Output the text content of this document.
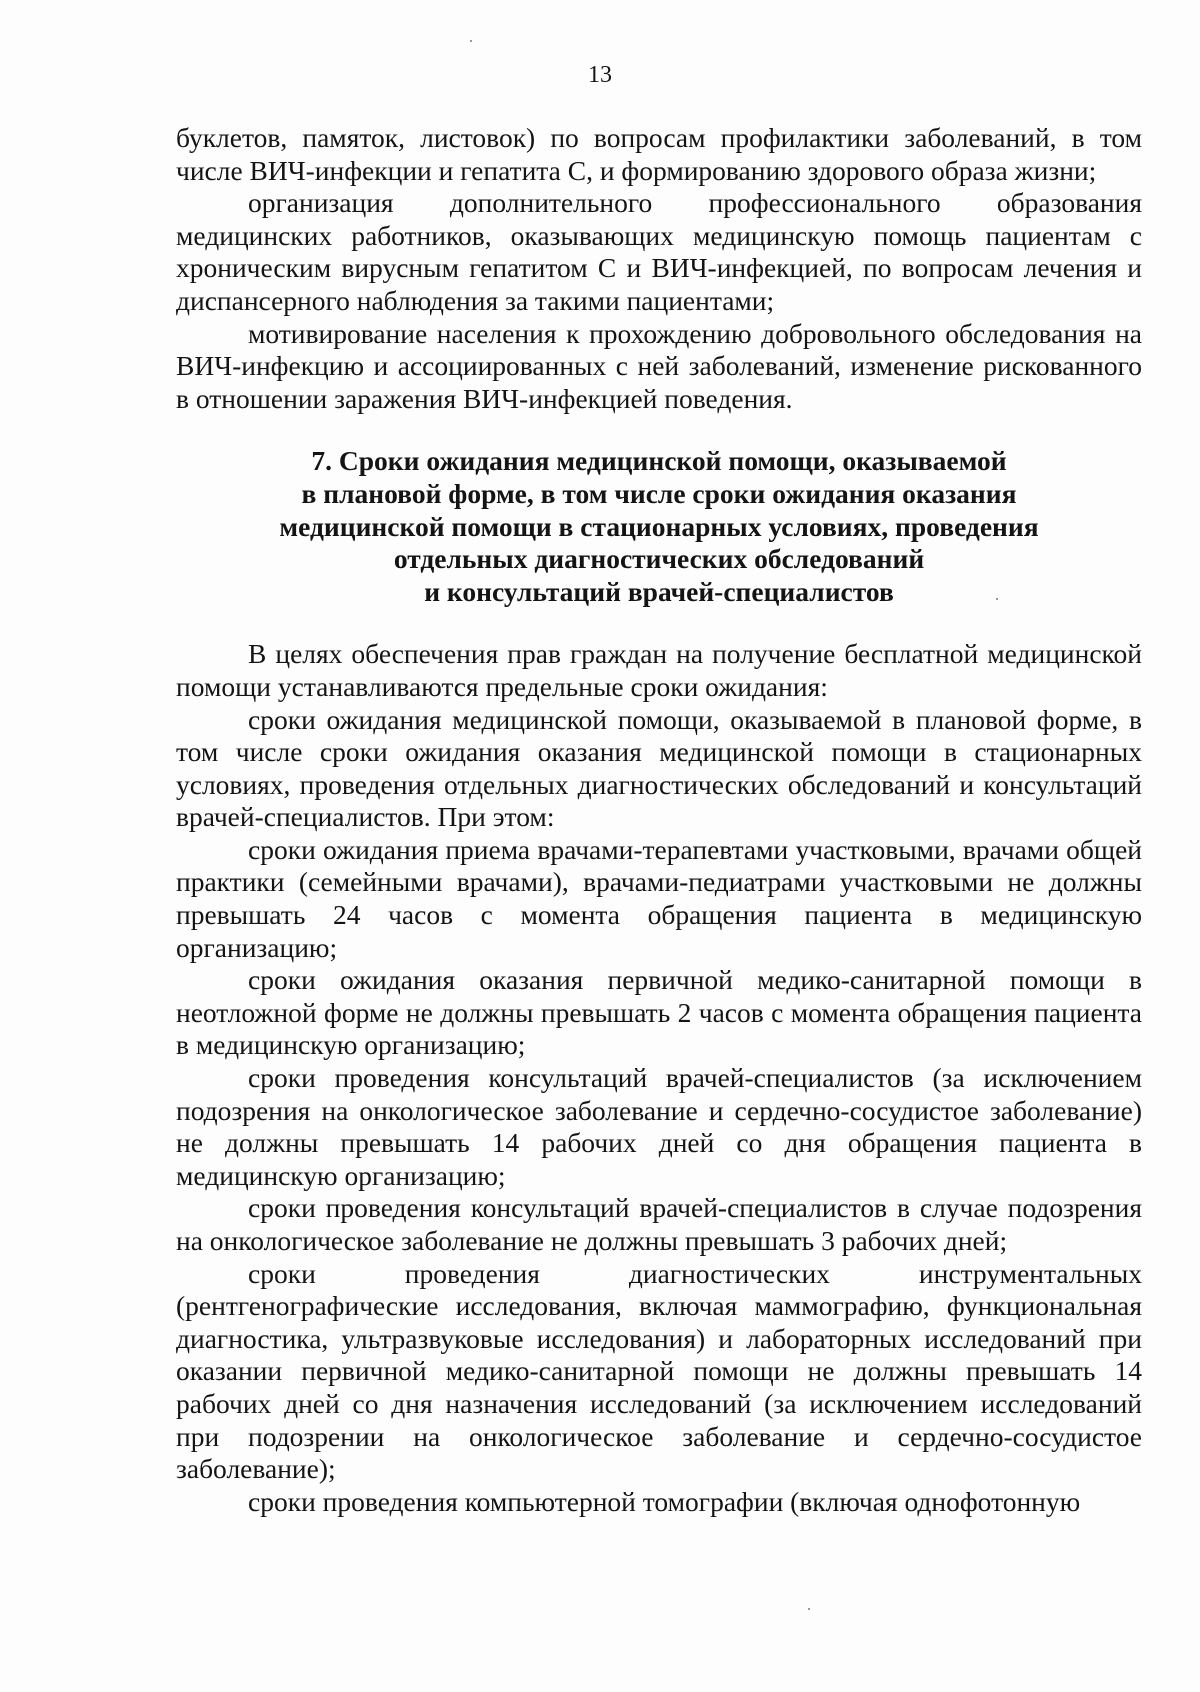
13

буклетов, памяток, листовок) по вопросам профилактики заболеваний, в том числе ВИЧ-инфекции и гепатита С, и формированию здорового образа жизни;

организация дополнительного профессионального образования медицинских работников, оказывающих медицинскую помощь пациентам с хроническим вирусным гепатитом С и ВИЧ-инфекцией, по вопросам лечения и диспансерного наблюдения за такими пациентами;

мотивирование населения к прохождению добровольного обследования на ВИЧ-инфекцию и ассоциированных с ней заболеваний, изменение рискованного в отношении заражения ВИЧ-инфекцией поведения.

7. Сроки ожидания медицинской помощи, оказываемой
в плановой форме, в том числе сроки ожидания оказания
медицинской помощи в стационарных условиях, проведения
отдельных диагностических обследований
и консультаций врачей-специалистов

В целях обеспечения прав граждан на получение бесплатной медицинской помощи устанавливаются предельные сроки ожидания:

сроки ожидания медицинской помощи, оказываемой в плановой форме, в том числе сроки ожидания оказания медицинской помощи в стационарных условиях, проведения отдельных диагностических обследований и консультаций врачей-специалистов. При этом:

сроки ожидания приема врачами-терапевтами участковыми, врачами общей практики (семейными врачами), врачами-педиатрами участковыми не должны превышать 24 часов с момента обращения пациента в медицинскую организацию;

сроки ожидания оказания первичной медико-санитарной помощи в неотложной форме не должны превышать 2 часов с момента обращения пациента в медицинскую организацию;

сроки проведения консультаций врачей-специалистов (за исключением подозрения на онкологическое заболевание и сердечно-сосудистое заболевание) не должны превышать 14 рабочих дней со дня обращения пациента в медицинскую организацию;

сроки проведения консультаций врачей-специалистов в случае подозрения на онкологическое заболевание не должны превышать 3 рабочих дней;

сроки проведения диагностических инструментальных (рентгенографические исследования, включая маммографию, функциональная диагностика, ультразвуковые исследования) и лабораторных исследований при оказании первичной медико-санитарной помощи не должны превышать 14 рабочих дней со дня назначения исследований (за исключением исследований при подозрении на онкологическое заболевание и сердечно-сосудистое заболевание);

сроки проведения компьютерной томографии (включая однофотонную
